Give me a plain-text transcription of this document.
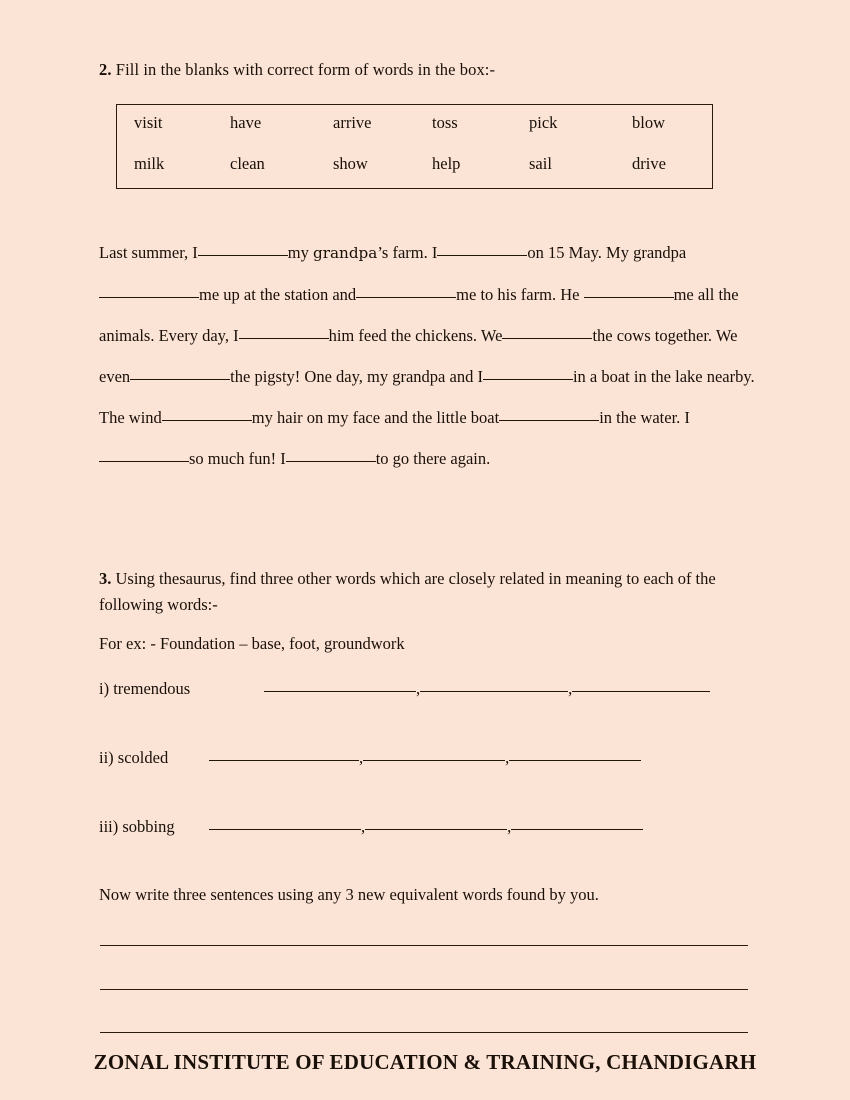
2. Fill in the blanks with correct form of words in the box:-
visit	have	arrive	toss	pick	blow
milk	clean	show	help	sail	drive

Last summer, I	my grandpa’s farm. I	on 15 May. My grandpame up at the station and	me to his farm. He	me all the animals. Every day, I	him feed the chickens. We	the cows together. We even	the pigsty! One day, my grandpa and I	in a boat in the lake nearby. The wind	my hair on my face and the little boat	in the water. Iso much fun! I	to go there again.

3. Using thesaurus, find three other words which are closely related in meaning to each of the following words:-
For ex: - Foundation – base, foot, groundwork
i) tremendous	,	,
ii) scolded	,	,
iii) sobbing	,	,
Now write three sentences using any 3 new equivalent words found by you.
ZONAL INSTITUTE OF EDUCATION & TRAINING, CHANDIGARH
